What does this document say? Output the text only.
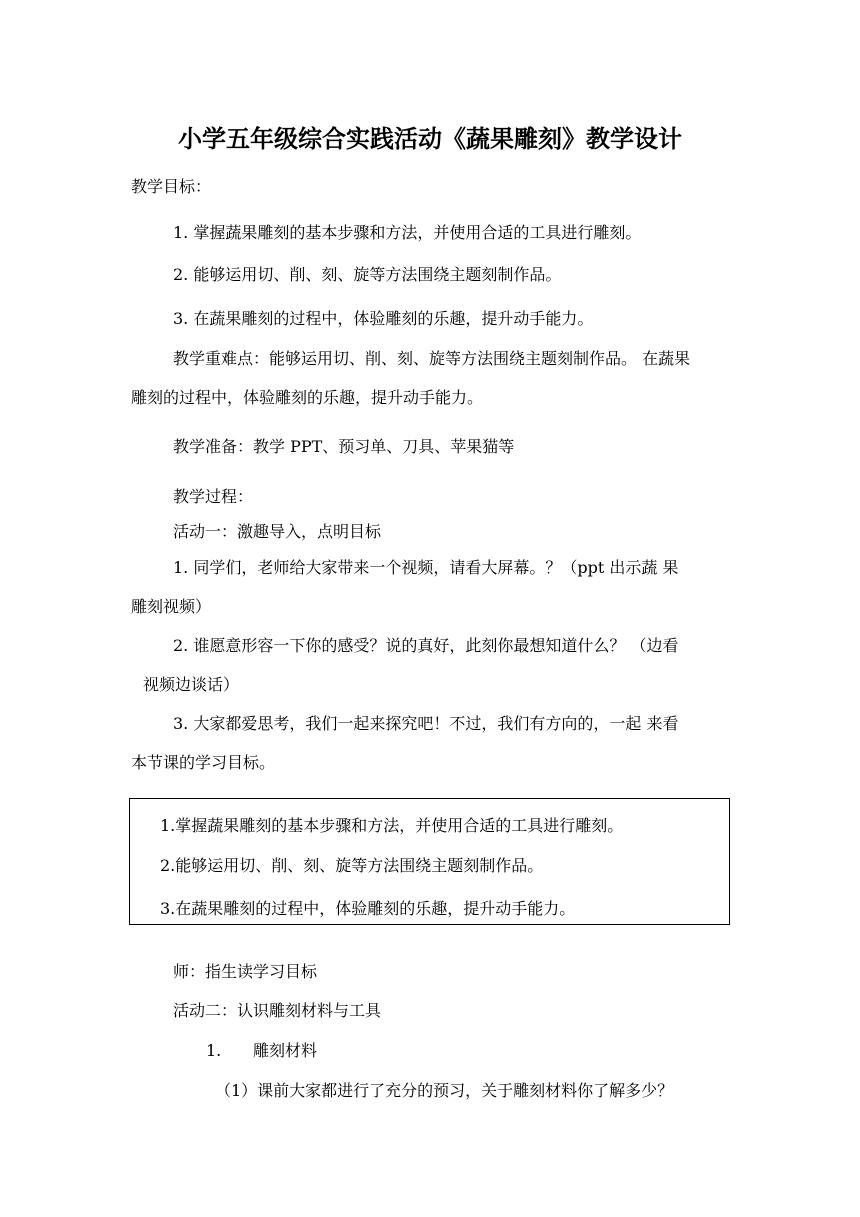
小学五年级综合实践活动《蔬果雕刻》教学设计
教学目标：
1. 掌握蔬果雕刻的基本步骤和方法，并使用合适的工具进行雕刻。
2. 能够运用切、削、刻、旋等方法围绕主题刻制作品。
3. 在蔬果雕刻的过程中，体验雕刻的乐趣，提升动手能力。
教学重难点：能够运用切、削、刻、旋等方法围绕主题刻制作品。 在蔬果
雕刻的过程中，体验雕刻的乐趣，提升动手能力。
教学准备：教学 PPT、预习单、刀具、苹果猫等
教学过程：
活动一：激趣导入，点明目标
1. 同学们，老师给大家带来一个视频，请看大屏幕。？（ppt 出示蔬 果
雕刻视频）
2. 谁愿意形容一下你的感受？说的真好，此刻你最想知道什么？ （边看
视频边谈话）
3. 大家都爱思考，我们一起来探究吧！不过，我们有方向的，一起 来看
本节课的学习目标。
1.掌握蔬果雕刻的基本步骤和方法，并使用合适的工具进行雕刻。
2.能够运用切、削、刻、旋等方法围绕主题刻制作品。
3.在蔬果雕刻的过程中，体验雕刻的乐趣，提升动手能力。
师：指生读学习目标
活动二：认识雕刻材料与工具
1. 雕刻材料
（1）课前大家都进行了充分的预习，关于雕刻材料你了解多少？
